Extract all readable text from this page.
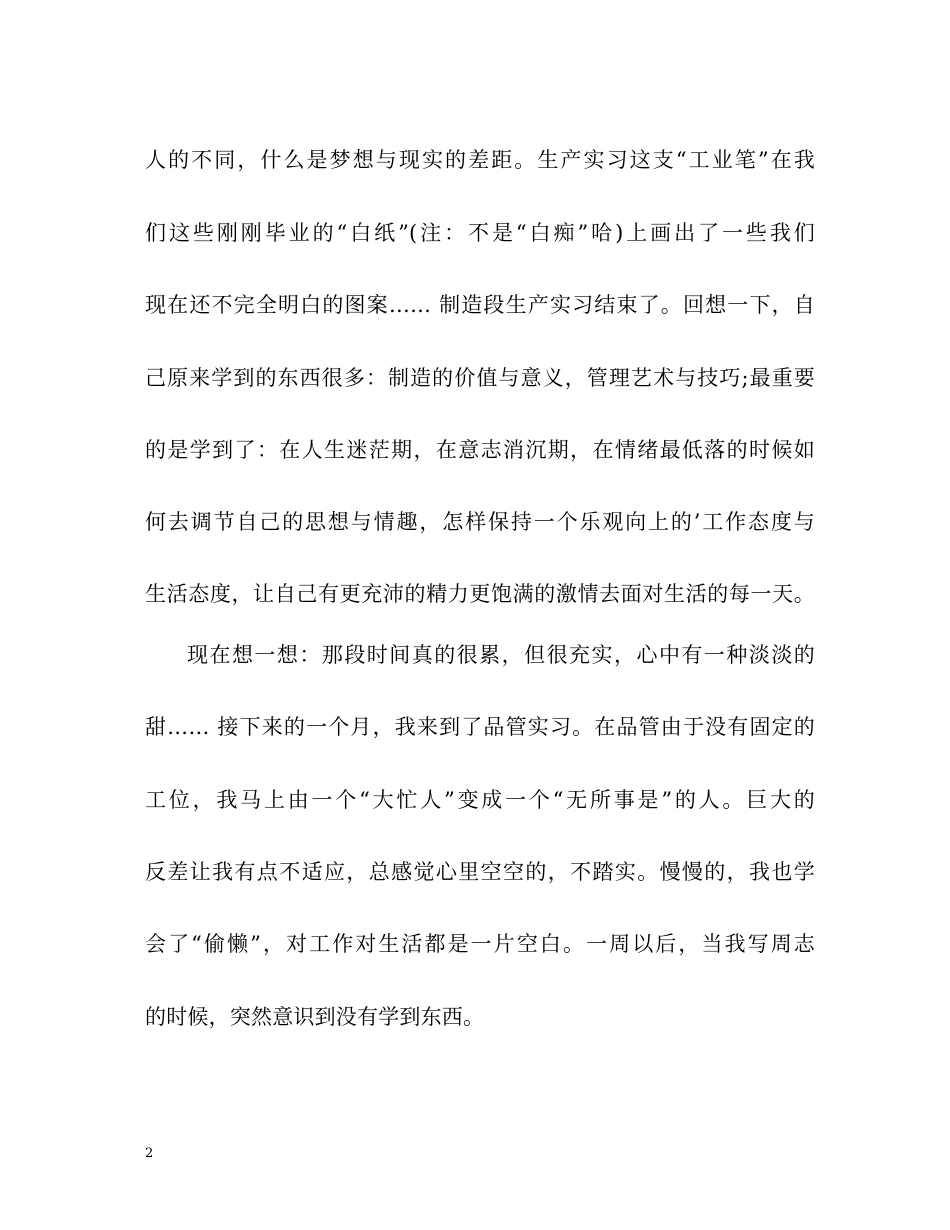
人的不同，什么是梦想与现实的差距。生产实习这支“工业笔”在我
们这些刚刚毕业的“白纸”(注：不是“白痴”哈)上画出了一些我们
现在还不完全明白的图案…… 制造段生产实习结束了。回想一下，自
己原来学到的东西很多：制造的价值与意义，管理艺术与技巧;最重要
的是学到了：在人生迷茫期，在意志消沉期，在情绪最低落的时候如
何去调节自己的思想与情趣，怎样保持一个乐观向上的’工作态度与
生活态度，让自己有更充沛的精力更饱满的激情去面对生活的每一天。
现在想一想：那段时间真的很累，但很充实，心中有一种淡淡的
甜…… 接下来的一个月，我来到了品管实习。在品管由于没有固定的
工位，我马上由一个“大忙人”变成一个“无所事是”的人。巨大的
反差让我有点不适应，总感觉心里空空的，不踏实。慢慢的，我也学
会了“偷懒”，对工作对生活都是一片空白。一周以后，当我写周志
的时候，突然意识到没有学到东西。
2
